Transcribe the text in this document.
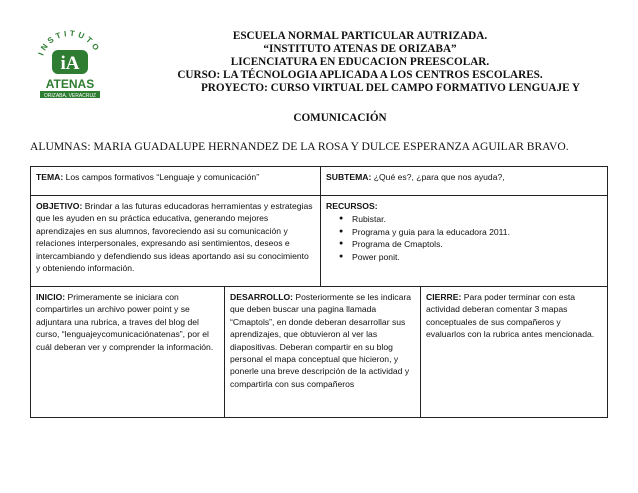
INSTITUTO
iA
ATENAS
ORIZABA, VERACRUZ
ESCUELA NORMAL PARTICULAR AUTRIZADA.
“INSTITUTO ATENAS DE ORIZABA”
LICENCIATURA EN EDUCACION PREESCOLAR.
CURSO: LA TÉCNOLOGIA APLICADA A LOS CENTROS ESCOLARES.
PROYECTO: CURSO VIRTUAL DEL CAMPO FORMATIVO LENGUAJE Y
COMUNICACIÓN
ALUMNAS: MARIA GUADALUPE HERNANDEZ DE LA ROSA Y DULCE ESPERANZA AGUILAR BRAVO.
TEMA: Los campos formativos “Lenguaje y comunicación”	SUBTEMA: ¿Qué es?, ¿para que nos ayuda?,
OBJETIVO: Brindar a las futuras educadoras herramientas y estrategias que les ayuden en su práctica educativa, generando mejores aprendizajes en sus alumnos, favoreciendo asi su comunicación y relaciones interpersonales, expresando asi sentimientos, deseos e intercambiando y defendiendo sus ideas aportando asi su conocimiento y obteniendo información.
RECURSOS:
● Rubistar.
● Programa y guia para la educadora 2011.
● Programa de Cmaptols.
● Power ponit.
INICIO: Primeramente se iniciara con compartirles un archivo power point y se adjuntara una rubrica, a traves del blog del curso, “lenguajeycomunicaciónatenas”, por el cuál deberan ver y comprender la información.
DESARROLLO: Posteriormente se les indicara que deben buscar una pagina llamada “Cmaptols”, en donde deberan desarrollar sus aprendizajes, que obtuvieron al ver las diapositivas. Deberan compartir en su blog personal el mapa conceptual que hicieron, y ponerle una breve descripción de la actividad y compartirla con sus compañeros
CIERRE: Para poder terminar con esta actividad deberan comentar 3 mapas conceptuales de sus compañeros y evaluarlos con la rubrica antes mencionada.
